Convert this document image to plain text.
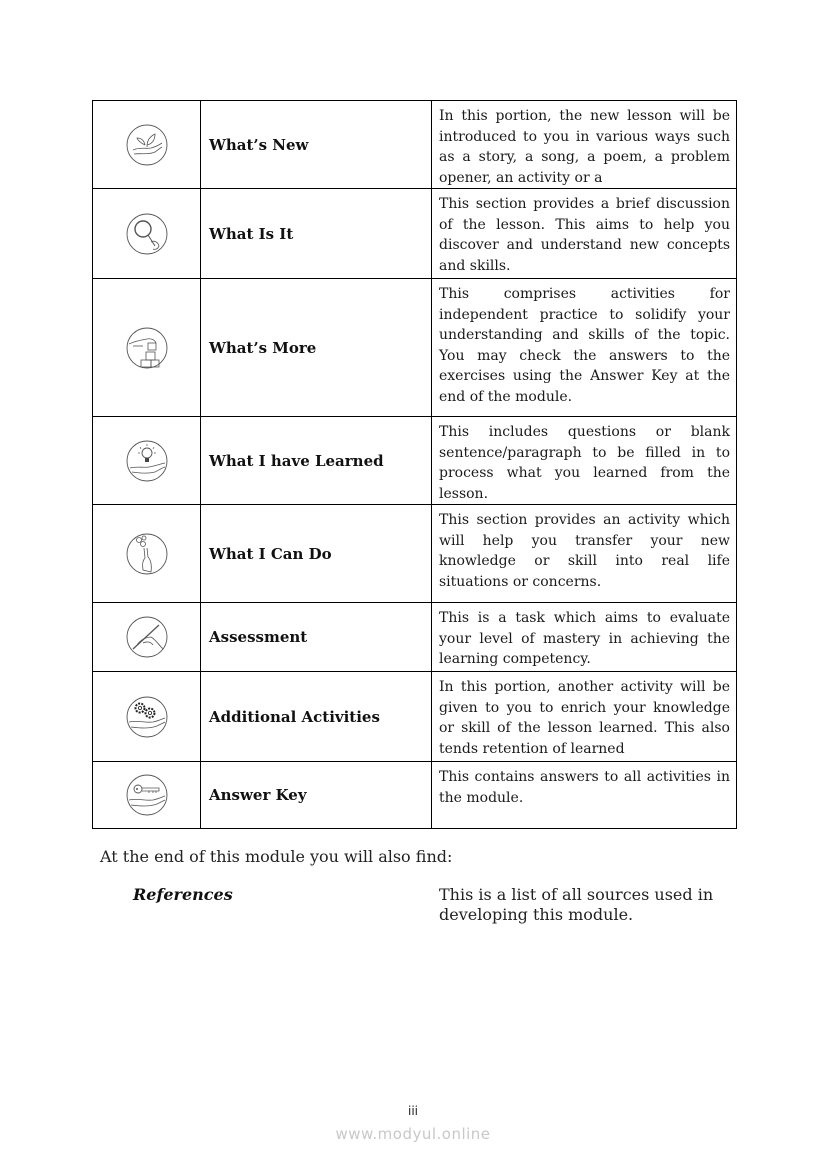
What’s New	In this portion, the new lesson will be introduced to you in various ways such as a story, a song, a poem, a problem opener, an activity or a

What Is It	This section provides a brief discussion of the lesson. This aims to help you discover and understand new concepts and skills.

What’s More	This comprises activities for independent practice to solidify your understanding and skills of the topic. You may check the answers to the exercises using the Answer Key at the end of the module.

What I have Learned	This includes questions or blank sentence/paragraph to be filled in to process what you learned from the lesson.

What I Can Do	This section provides an activity which will help you transfer your new knowledge or skill into real life situations or concerns.

Assessment	This is a task which aims to evaluate your level of mastery in achieving the learning competency.

Additional Activities	In this portion, another activity will be given to you to enrich your knowledge or skill of the lesson learned. This also tends retention of learned

Answer Key	This contains answers to all activities in the module.
At the end of this module you will also find:
References	This is a list of all sources used in developing this module.
iii
www.modyul.online
